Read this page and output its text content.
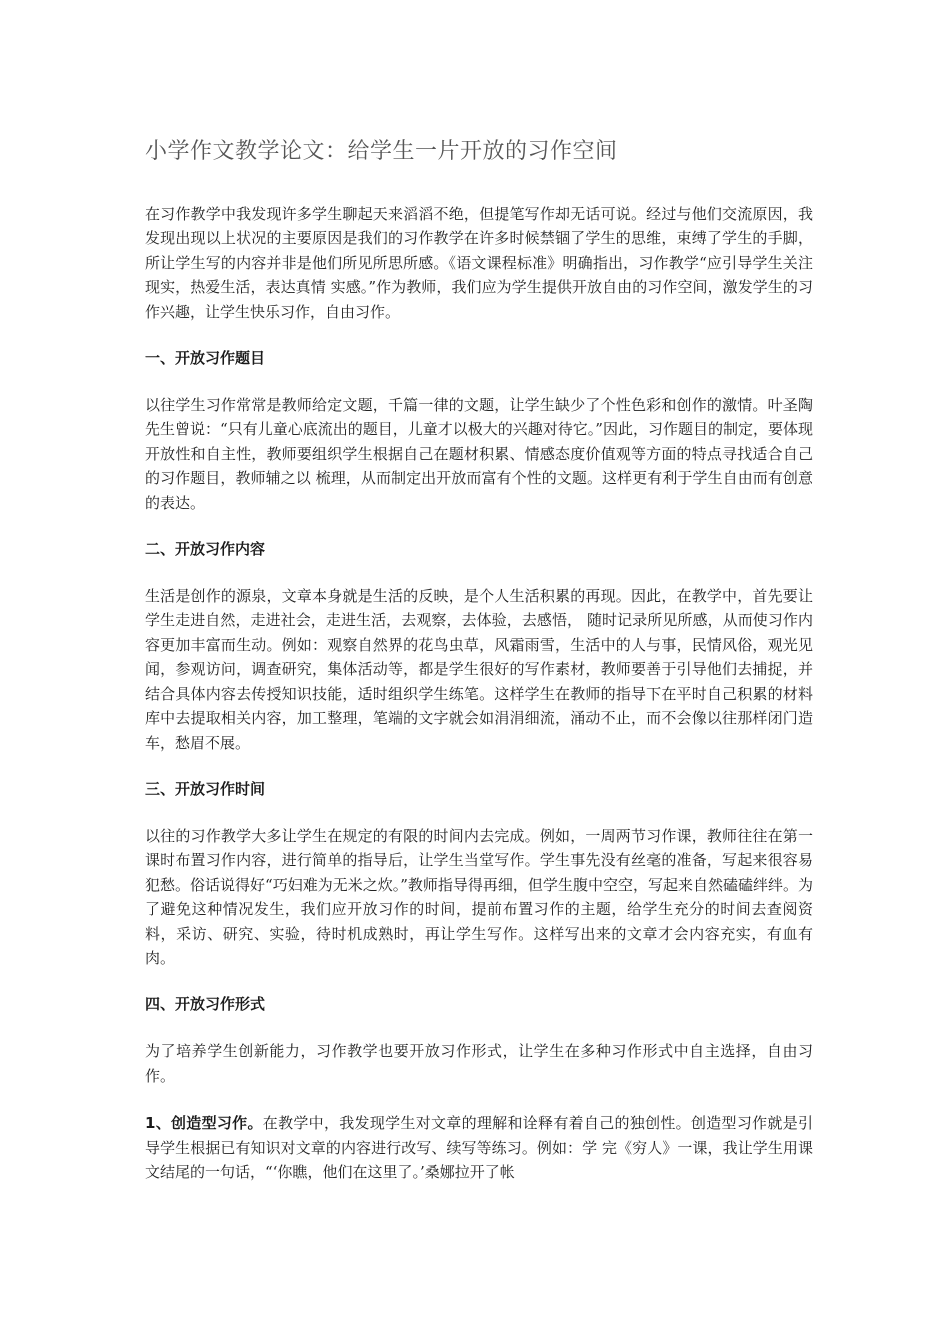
小学作文教学论文：给学生一片开放的习作空间

在习作教学中我发现许多学生聊起天来滔滔不绝，但提笔写作却无话可说。经过与他们交流原因，我发现出现以上状况的主要原因是我们的习作教学在许多时候禁锢了学生的思维，束缚了学生的手脚，所让学生写的内容并非是他们所见所思所感。《语文课程标准》明确指出，习作教学“应引导学生关注现实，热爱生活，表达真情 实感。”作为教师，我们应为学生提供开放自由的习作空间，激发学生的习作兴趣，让学生快乐习作，自由习作。

一、开放习作题目

以往学生习作常常是教师给定文题，千篇一律的文题，让学生缺少了个性色彩和创作的激情。叶圣陶先生曾说：“只有儿童心底流出的题目，儿童才以极大的兴趣对待它。”因此，习作题目的制定，要体现开放性和自主性，教师要组织学生根据自己在题材积累、情感态度价值观等方面的特点寻找适合自己的习作题目，教师辅之以 梳理，从而制定出开放而富有个性的文题。这样更有利于学生自由而有创意的表达。

二、开放习作内容

生活是创作的源泉，文章本身就是生活的反映，是个人生活积累的再现。因此，在教学中，首先要让学生走进自然，走进社会，走进生活，去观察，去体验，去感悟， 随时记录所见所感，从而使习作内容更加丰富而生动。例如：观察自然界的花鸟虫草，风霜雨雪，生活中的人与事，民情风俗，观光见闻，参观访问，调查研究，集体活动等，都是学生很好的写作素材，教师要善于引导他们去捕捉，并结合具体内容去传授知识技能，适时组织学生练笔。这样学生在教师的指导下在平时自己积累的材料库中去提取相关内容，加工整理，笔端的文字就会如涓涓细流，涌动不止，而不会像以往那样闭门造车，愁眉不展。

三、开放习作时间

以往的习作教学大多让学生在规定的有限的时间内去完成。例如，一周两节习作课，教师往往在第一课时布置习作内容，进行简单的指导后，让学生当堂写作。学生事先没有丝毫的准备，写起来很容易犯愁。俗话说得好“巧妇难为无米之炊。”教师指导得再细，但学生腹中空空，写起来自然磕磕绊绊。为了避免这种情况发生，我们应开放习作的时间，提前布置习作的主题，给学生充分的时间去查阅资料，采访、研究、实验，待时机成熟时，再让学生写作。这样写出来的文章才会内容充实，有血有肉。

四、开放习作形式

为了培养学生创新能力，习作教学也要开放习作形式，让学生在多种习作形式中自主选择，自由习作。

1、创造型习作。在教学中，我发现学生对文章的理解和诠释有着自己的独创性。创造型习作就是引导学生根据已有知识对文章的内容进行改写、续写等练习。例如：学 完《穷人》一课，我让学生用课文结尾的一句话，“‘你瞧，他们在这里了。’桑娜拉开了帐
